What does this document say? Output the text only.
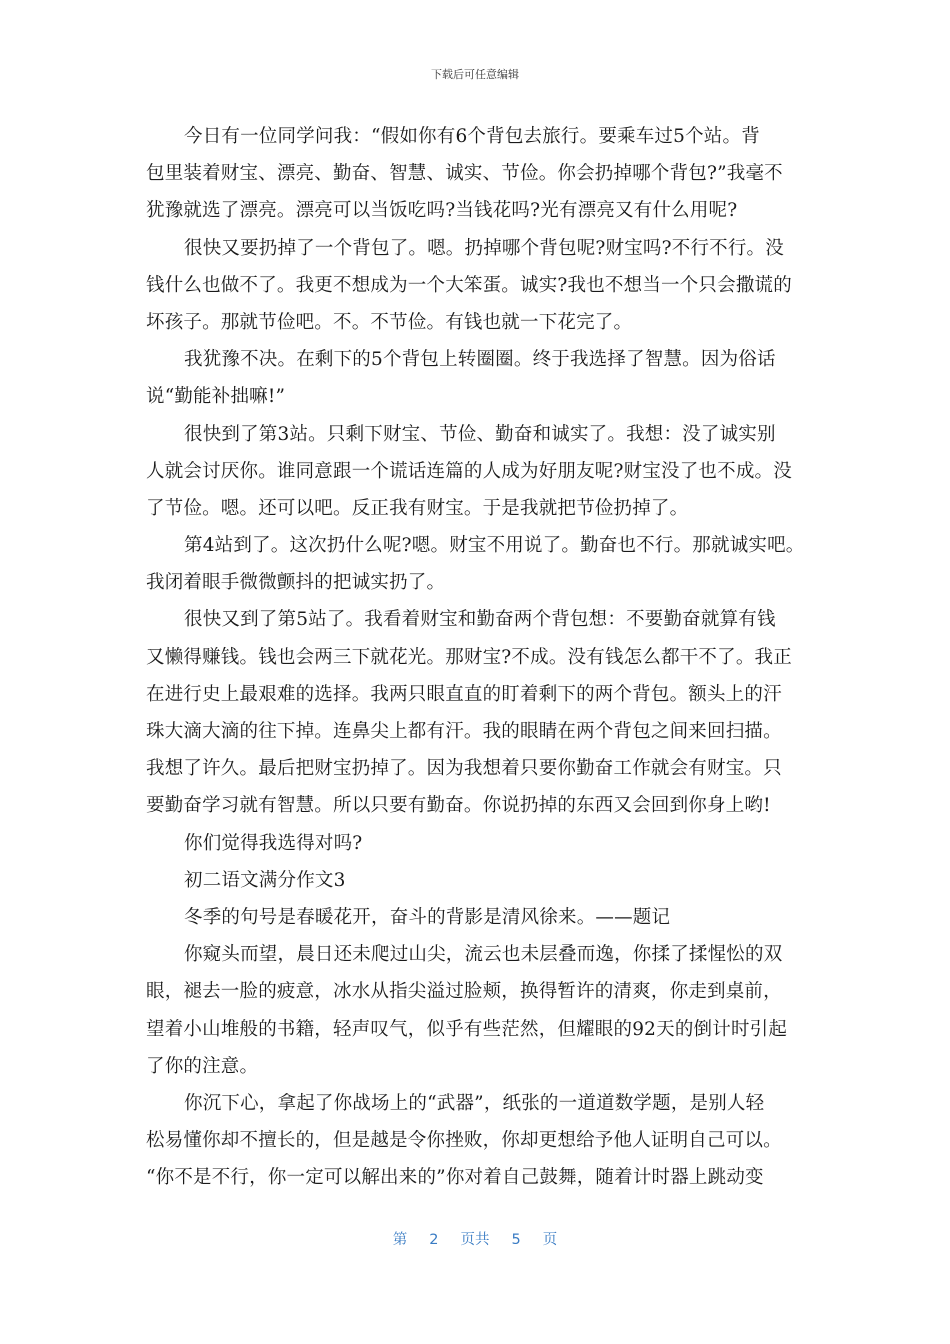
下载后可任意编辑
今日有一位同学问我：“假如你有6个背包去旅行。要乘车过5个站。背
包里装着财宝、漂亮、勤奋、智慧、诚实、节俭。你会扔掉哪个背包?”我毫不
犹豫就选了漂亮。漂亮可以当饭吃吗?当钱花吗?光有漂亮又有什么用呢?
很快又要扔掉了一个背包了。嗯。扔掉哪个背包呢?财宝吗?不行不行。没
钱什么也做不了。我更不想成为一个大笨蛋。诚实?我也不想当一个只会撒谎的
坏孩子。那就节俭吧。不。不节俭。有钱也就一下花完了。
我犹豫不决。在剩下的5个背包上转圈圈。终于我选择了智慧。因为俗话
说“勤能补拙嘛!”
很快到了第3站。只剩下财宝、节俭、勤奋和诚实了。我想：没了诚实别
人就会讨厌你。谁同意跟一个谎话连篇的人成为好朋友呢?财宝没了也不成。没
了节俭。嗯。还可以吧。反正我有财宝。于是我就把节俭扔掉了。
第4站到了。这次扔什么呢?嗯。财宝不用说了。勤奋也不行。那就诚实吧。
我闭着眼手微微颤抖的把诚实扔了。
很快又到了第5站了。我看着财宝和勤奋两个背包想：不要勤奋就算有钱
又懒得赚钱。钱也会两三下就花光。那财宝?不成。没有钱怎么都干不了。我正
在进行史上最艰难的选择。我两只眼直直的盯着剩下的两个背包。额头上的汗
珠大滴大滴的往下掉。连鼻尖上都有汗。我的眼睛在两个背包之间来回扫描。
我想了许久。最后把财宝扔掉了。因为我想着只要你勤奋工作就会有财宝。只
要勤奋学习就有智慧。所以只要有勤奋。你说扔掉的东西又会回到你身上哟!
你们觉得我选得对吗?
初二语文满分作文3
冬季的句号是春暖花开，奋斗的背影是清风徐来。——题记
你窥头而望，晨日还未爬过山尖，流云也未层叠而逸，你揉了揉惺忪的双
眼，褪去一脸的疲意，冰水从指尖溢过脸颊，换得暂许的清爽，你走到桌前，
望着小山堆般的书籍，轻声叹气，似乎有些茫然，但耀眼的92天的倒计时引起
了你的注意。
你沉下心，拿起了你战场上的“武器”，纸张的一道道数学题，是别人轻
松易懂你却不擅长的，但是越是令你挫败，你却更想给予他人证明自己可以。
“你不是不行，你一定可以解出来的”你对着自己鼓舞，随着计时器上跳动变
第 2 页共 5 页
